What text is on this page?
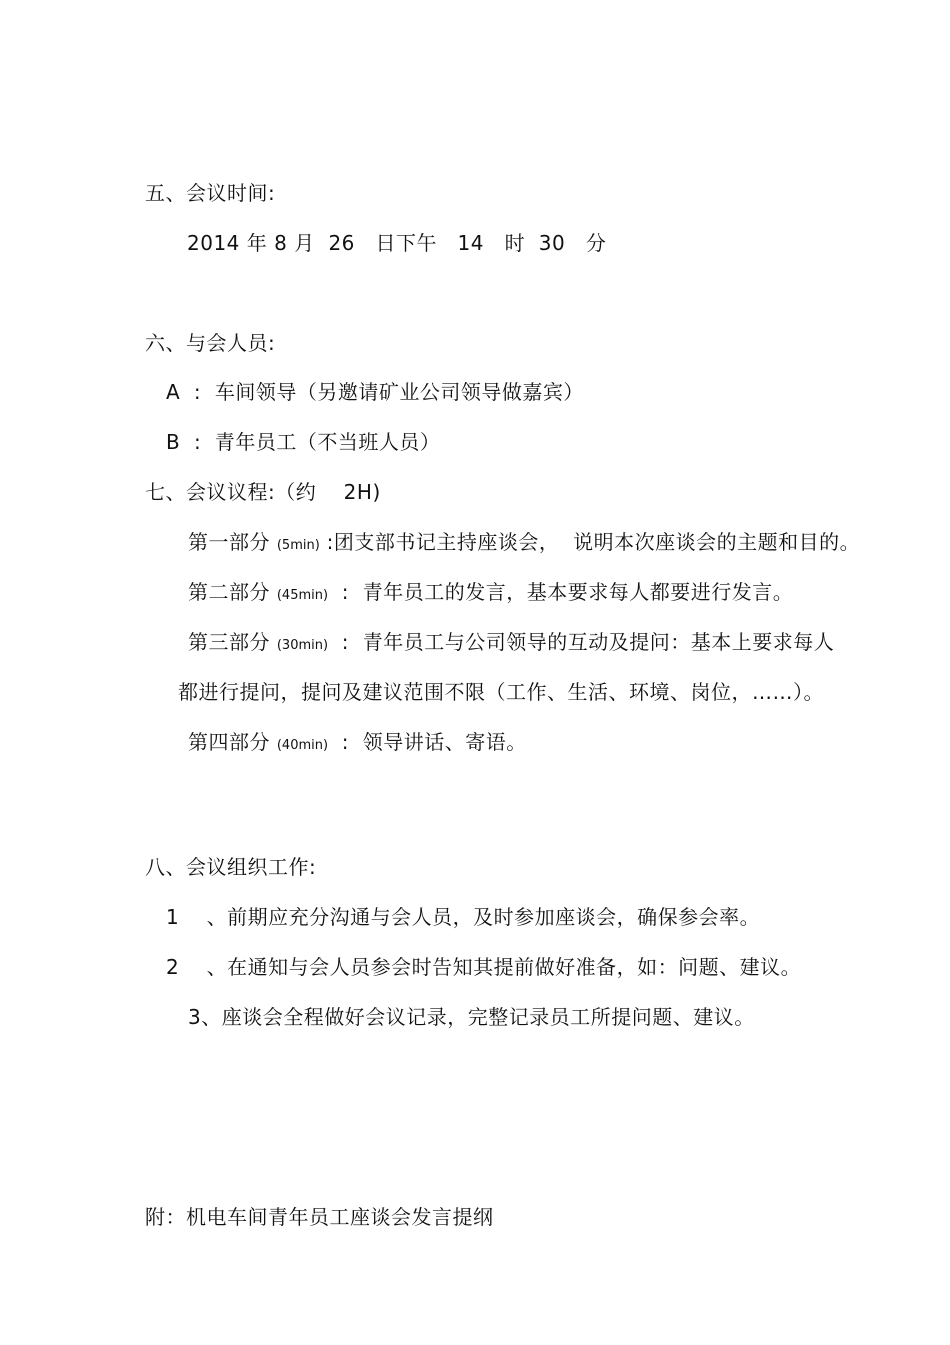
五、会议时间:
2014 年 8 月  26   日下午   14   时  30   分
六、与会人员:
A  :  车间领导（另邀请矿业公司领导做嘉宾）
B  :  青年员工（不当班人员）
七、会议议程:（约    2H)
第一部分 (5min) :团支部书记主持座谈会，  说明本次座谈会的主题和目的。
第二部分 (45min)  :  青年员工的发言，基本要求每人都要进行发言。
第三部分 (30min)  :  青年员工与公司领导的互动及提问：基本上要求每人
都进行提问，提问及建议范围不限（工作、生活、环境、岗位，……）。
第四部分 (40min)  :  领导讲话、寄语。
八、会议组织工作:
1    、前期应充分沟通与会人员，及时参加座谈会，确保参会率。
2    、在通知与会人员参会时告知其提前做好准备，如：问题、建议。
3、座谈会全程做好会议记录，完整记录员工所提问题、建议。
附：机电车间青年员工座谈会发言提纲
